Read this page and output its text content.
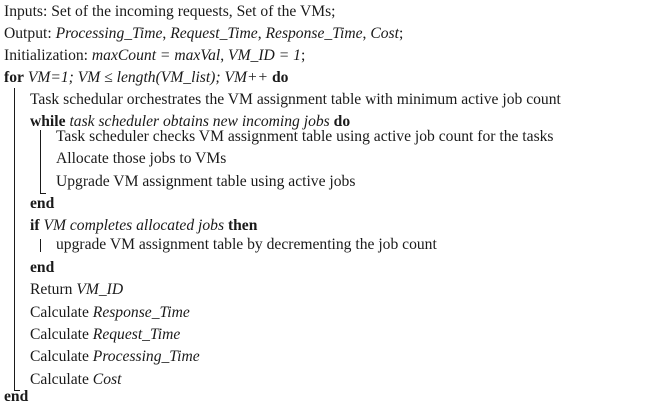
Inputs: Set of the incoming requests, Set of the VMs;
Output: Processing_Time, Request_Time, Response_Time, Cost;
Initialization: maxCount = maxVal, VM_ID = 1;
for VM=1; VM ≤ length(VM_list); VM++ do
Task schedular orchestrates the VM assignment table with minimum active job count
while task scheduler obtains new incoming jobs do
Task scheduler checks VM assignment table using active job count for the tasks
Allocate those jobs to VMs
Upgrade VM assignment table using active jobs
end
if VM completes allocated jobs then
upgrade VM assignment table by decrementing the job count
end
Return VM_ID
Calculate Response_Time
Calculate Request_Time
Calculate Processing_Time
Calculate Cost
end
